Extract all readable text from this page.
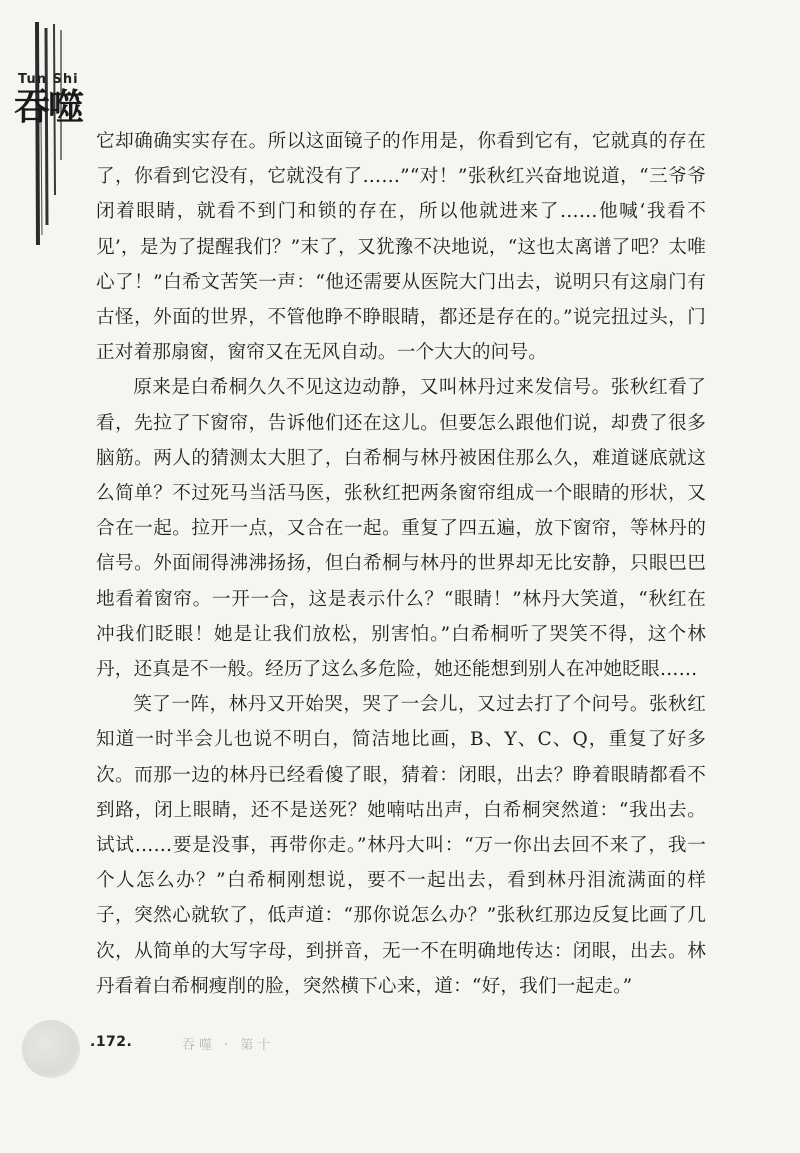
Tun Shi
吞噬

它却确确实实存在。所以这面镜子的作用是，你看到它有，它就真的存在了，你看到它没有，它就没有了……”“对！”张秋红兴奋地说道，“三爷爷闭着眼睛，就看不到门和锁的存在，所以他就进来了……他喊‘我看不见’，是为了提醒我们？”末了，又犹豫不决地说，“这也太离谱了吧？太唯心了！”白希文苦笑一声：“他还需要从医院大门出去，说明只有这扇门有古怪，外面的世界，不管他睁不睁眼睛，都还是存在的。”说完扭过头，门正对着那扇窗，窗帘又在无风自动。一个大大的问号。

原来是白希桐久久不见这边动静，又叫林丹过来发信号。张秋红看了看，先拉了下窗帘，告诉他们还在这儿。但要怎么跟他们说，却费了很多脑筋。两人的猜测太大胆了，白希桐与林丹被困住那么久，难道谜底就这么简单？不过死马当活马医，张秋红把两条窗帘组成一个眼睛的形状，又合在一起。拉开一点，又合在一起。重复了四五遍，放下窗帘，等林丹的信号。外面闹得沸沸扬扬，但白希桐与林丹的世界却无比安静，只眼巴巴地看着窗帘。一开一合，这是表示什么？“眼睛！”林丹大笑道，“秋红在冲我们眨眼！她是让我们放松，别害怕。”白希桐听了哭笑不得，这个林丹，还真是不一般。经历了这么多危险，她还能想到别人在冲她眨眼……

笑了一阵，林丹又开始哭，哭了一会儿，又过去打了个问号。张秋红知道一时半会儿也说不明白，简洁地比画，B、Y、C、Q，重复了好多次。而那一边的林丹已经看傻了眼，猜着：闭眼，出去？睁着眼睛都看不到路，闭上眼睛，还不是送死？她喃咕出声，白希桐突然道：“我出去。试试……要是没事，再带你走。”林丹大叫：“万一你出去回不来了，我一个人怎么办？”白希桐刚想说，要不一起出去，看到林丹泪流满面的样子，突然心就软了，低声道：“那你说怎么办？”张秋红那边反复比画了几次，从简单的大写字母，到拼音，无一不在明确地传达：闭眼，出去。林丹看着白希桐瘦削的脸，突然横下心来，道：“好，我们一起走。”

.172.	吞噬 · 第十
